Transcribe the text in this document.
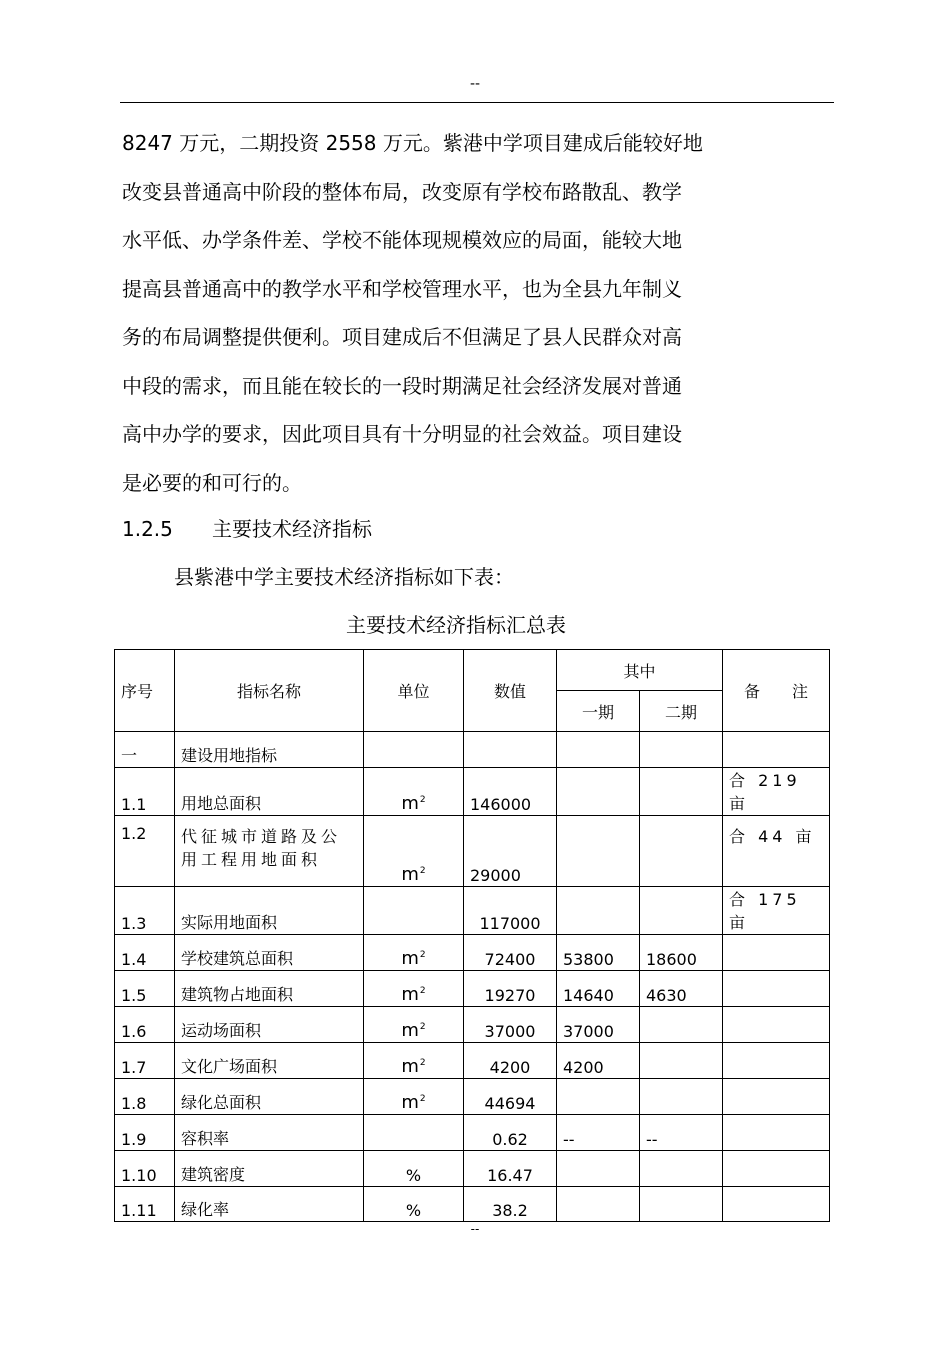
--
8247 万元，二期投资 2558 万元。紫港中学项目建成后能较好地
改变县普通高中阶段的整体布局，改变原有学校布路散乱、教学
水平低、办学条件差、学校不能体现规模效应的局面，能较大地
提高县普通高中的教学水平和学校管理水平，也为全县九年制义
务的布局调整提供便利。项目建成后不但满足了县人民群众对高
中段的需求，而且能在较长的一段时期满足社会经济发展对普通
高中办学的要求，因此项目具有十分明显的社会效益。项目建设
是必要的和可行的。
1.2.5 主要技术经济指标
县紫港中学主要技术经济指标如下表：
主要技术经济指标汇总表
序号	指标名称	单位	数值	其中		备　　注
				一期	二期	
一	建设用地指标					
1.1	用地总面积	$m^2$	146000			合 219 亩
1.2	代征城市道路及公用工程用地面积	$m^2$	29000			合 44 亩
1.3	实际用地面积		117000			合 175 亩
1.4	学校建筑总面积	$m^2$	72400	53800	18600	
1.5	建筑物占地面积	$m^2$	19270	14640	4630	
1.6	运动场面积	$m^2$	37000	37000		
1.7	文化广场面积	$m^2$	4200	4200		
1.8	绿化总面积	$m^2$	44694			
1.9	容积率		0.62	--	--	
1.10	建筑密度	%	16.47			
1.11	绿化率	%	38.2			
--
